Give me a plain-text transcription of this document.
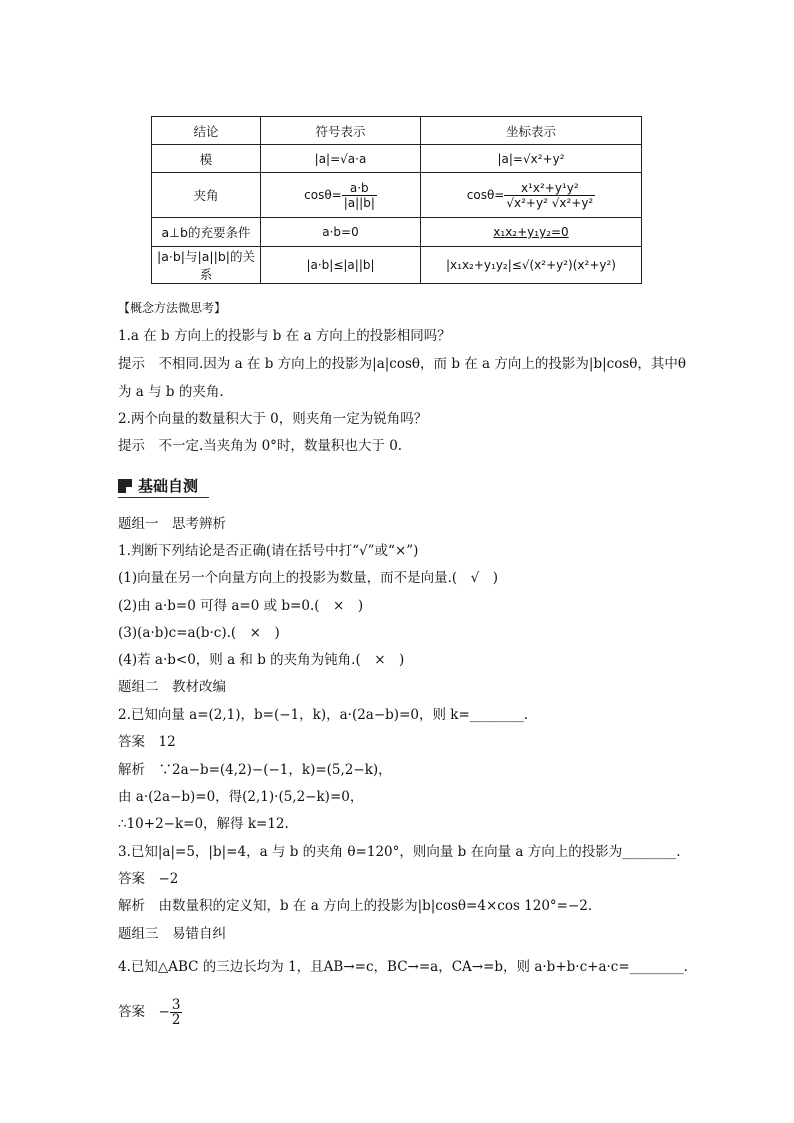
结论	符号表示	坐标表示
模	|a|=√a·a	|a|=√x²+y²
夹角	$\cos\theta= \frac{a\cdot b}{|a||b|}$	$\cos\theta= \frac{\text{x¹x²+y¹y²}}{\text{√x²+y² √x²+y²}}$

a⊥b的充要条件	a·b=0	x₁x₂+y₁y₂=0
|a·b|与|a||b|的关系	|a·b|≤|a||b|	|x₁x₂+y₁y₂|≤√(x²+y²)(x²+y²)
【概念方法微思考】
1.a 在 b 方向上的投影与 b 在 a 方向上的投影相同吗？
提示　不相同.因为 a 在 b 方向上的投影为|a|cosθ，而 b 在 a 方向上的投影为|b|cosθ，其中θ
为 a 与 b 的夹角.
2.两个向量的数量积大于 0，则夹角一定为锐角吗？
提示　不一定.当夹角为 0°时，数量积也大于 0.
基础自测
题组一　思考辨析
1.判断下列结论是否正确(请在括号中打“√”或“×”)
(1)向量在另一个向量方向上的投影为数量，而不是向量.(　√　)
(2)由 a·b=0 可得 a=0 或 b=0.(　×　)
(3)(a·b)c=a(b·c).(　×　)
(4)若 a·b<0，则 a 和 b 的夹角为钝角.(　×　)
题组二　教材改编
2.已知向量 a=(2,1)，b=(−1，k)，a·(2a−b)=0，则 k=________.
答案　12
解析　∵2a−b=(4,2)−(−1，k)=(5,2−k)，
由 a·(2a−b)=0，得(2,1)·(5,2−k)=0，
∴10+2−k=0，解得 k=12.
3.已知|a|=5，|b|=4，a 与 b 的夹角 θ=120°，则向量 b 在向量 a 方向上的投影为________.
答案　−2
解析　由数量积的定义知，b 在 a 方向上的投影为|b|cosθ=4×cos 120°=−2.
题组三　易错自纠
4.已知△ABC 的三边长均为 1，且AB→=c，BC→=a，CA→=b，则 a·b+b·c+a·c=________.
答案　− $\frac{3}{2}$
